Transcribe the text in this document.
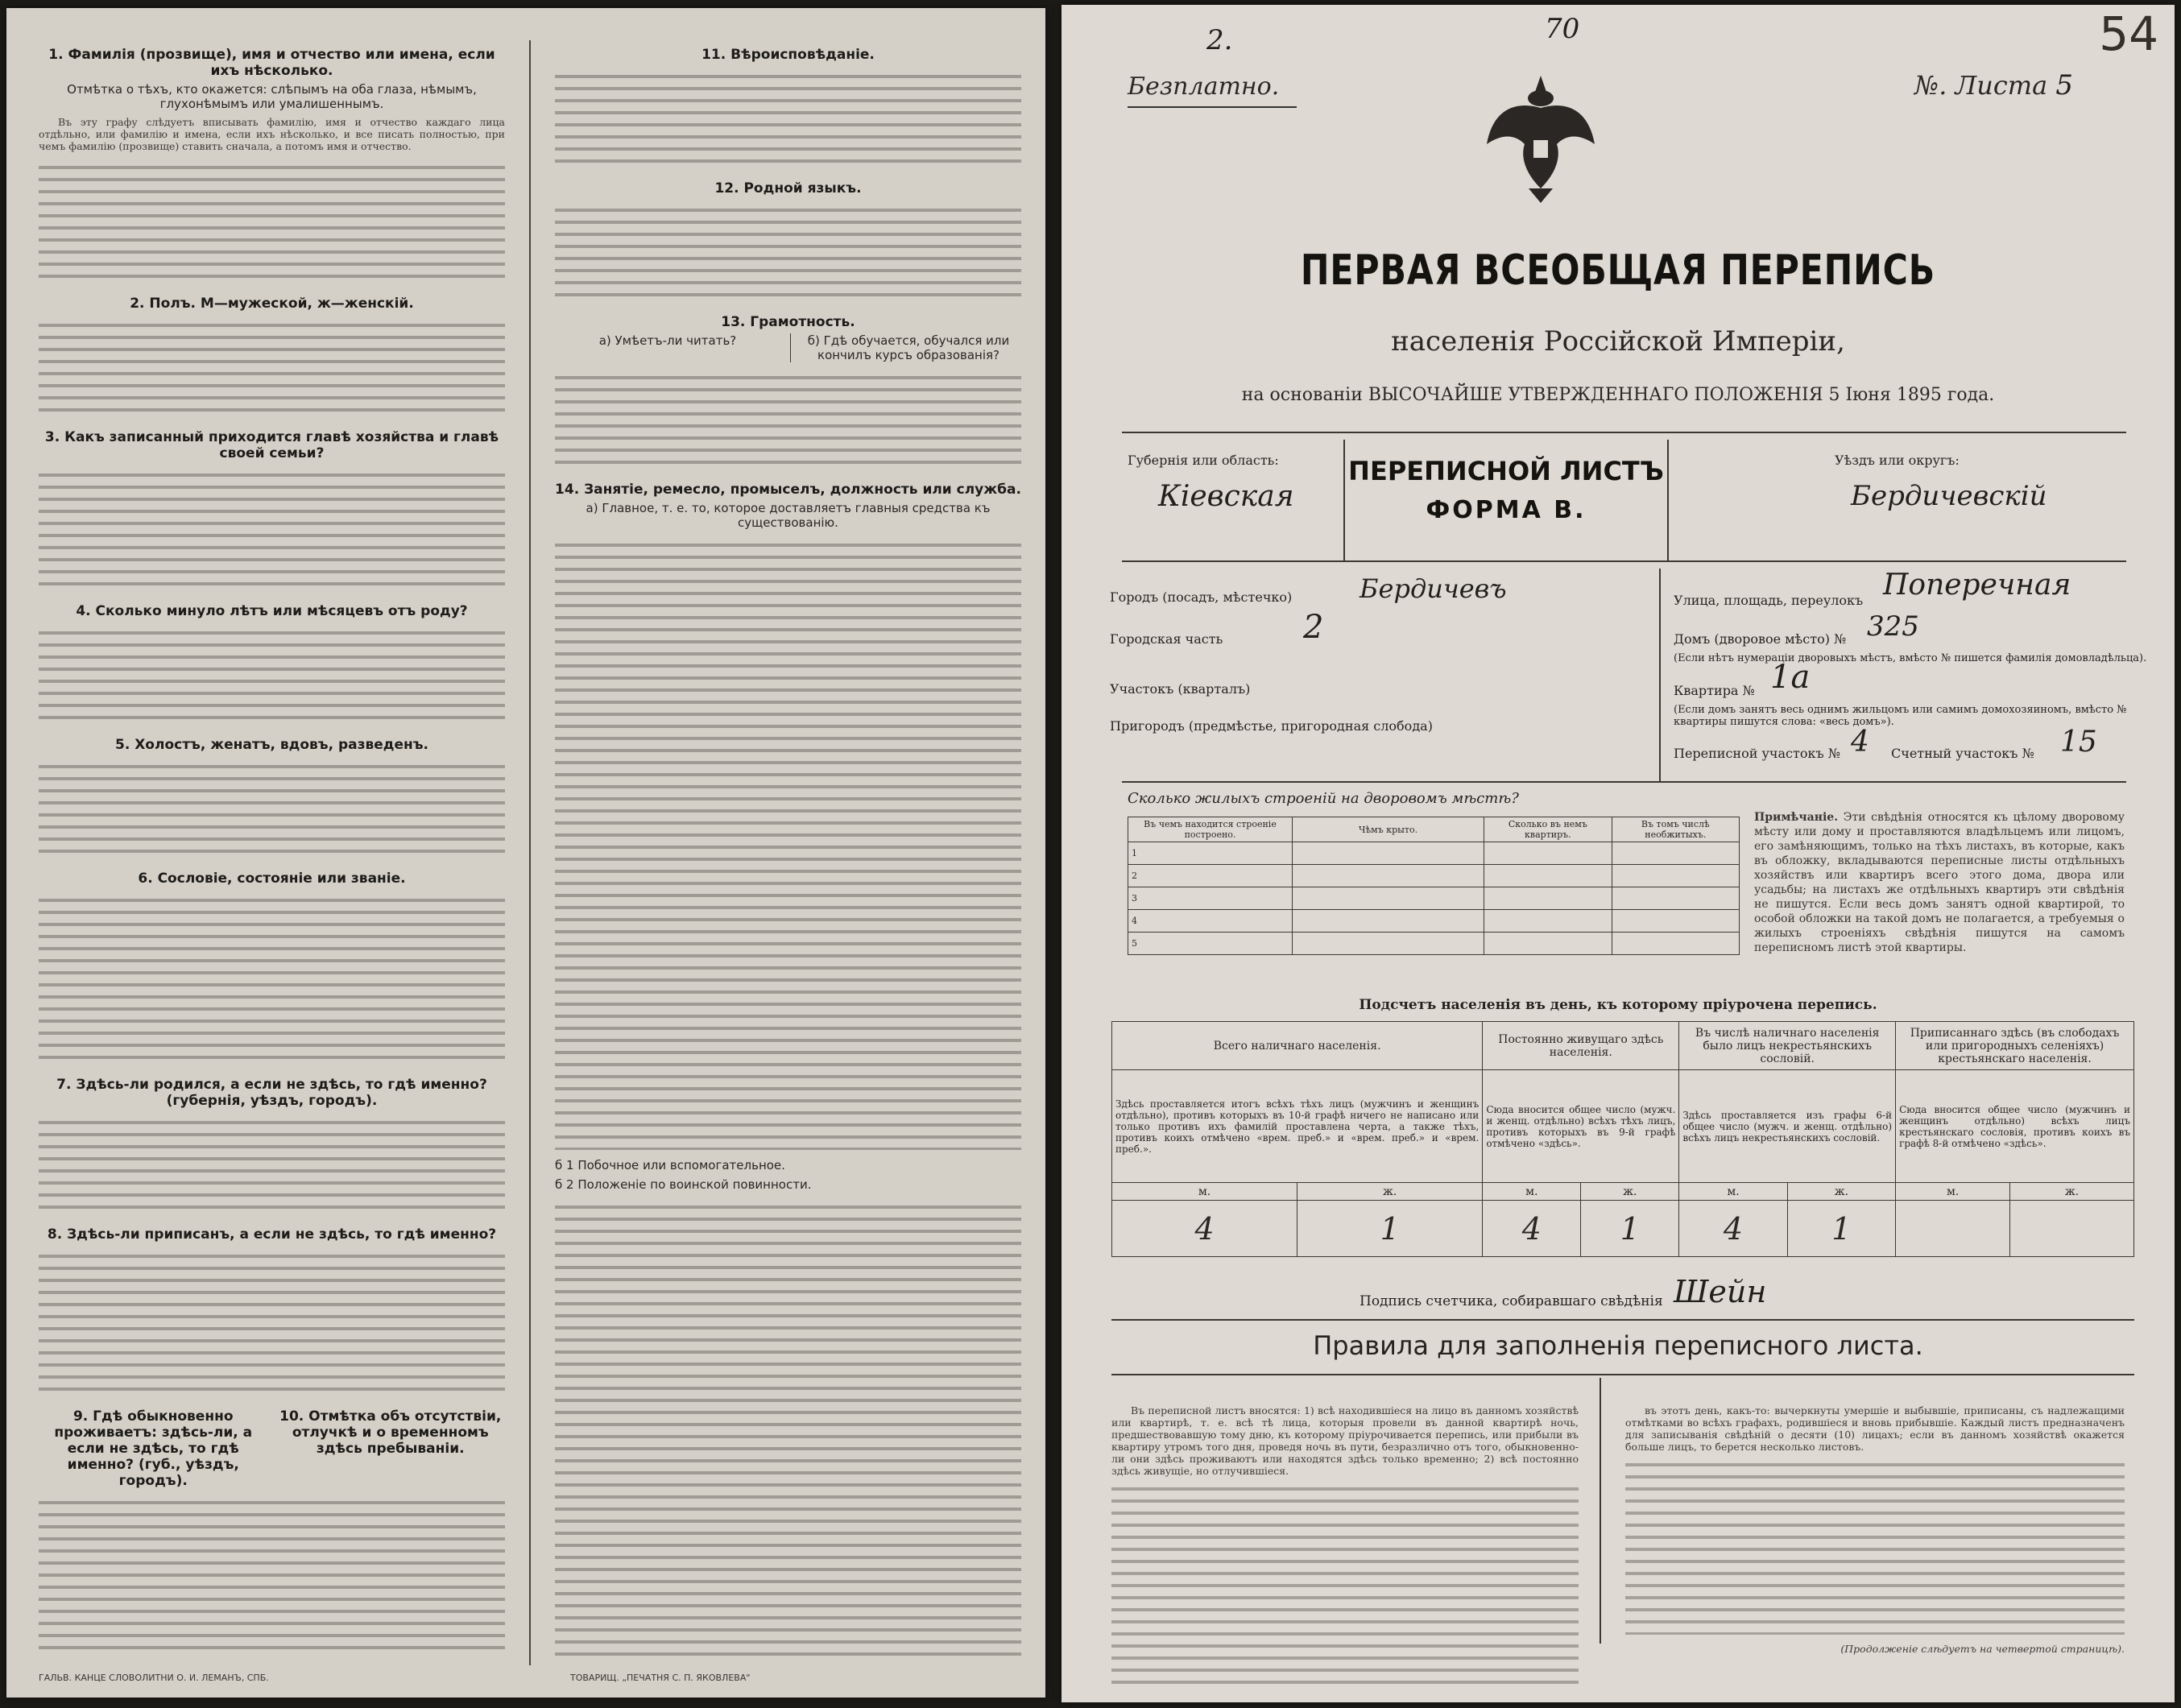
1. Фамилія (прозвище), имя и отчество или имена, если ихъ нѣсколько.
Отмѣтка о тѣхъ, кто окажется: слѣпымъ на оба глаза, нѣмымъ, глухонѣмымъ или умалишеннымъ.
Въ эту графу слѣдуетъ вписывать фамилію, имя и отчество каждаго лица отдѣльно, или фамилію и имена, если ихъ нѣсколько, и все писать полностью, при чемъ фамилію (прозвище) ставить сначала, а потомъ имя и отчество.
2. Полъ. М—мужеской, ж—женскій.
3. Какъ записанный приходится главѣ хозяйства и главѣ своей семьи?
4. Сколько минуло лѣтъ или мѣсяцевъ отъ роду?
5. Холостъ, женатъ, вдовъ, разведенъ.
6. Сословіе, состояніе или званіе.
7. Здѣсь-ли родился, а если не здѣсь, то гдѣ именно? (губернія, уѣздъ, городъ).
8. Здѣсь-ли приписанъ, а если не здѣсь, то гдѣ именно?
9. Гдѣ обыкновенно проживаетъ: здѣсь-ли, а если не здѣсь, то гдѣ именно? (губ., уѣздъ, городъ).
10. Отмѣтка объ отсутствіи, отлучкѣ и о временномъ здѣсь пребываніи.
11. Вѣроисповѣданіе.
12. Родной языкъ.
13. Грамотность.
а) Умѣетъ-ли читать?	б) Гдѣ обучается, обучался или кончилъ курсъ образованія?
14. Занятіе, ремесло, промыселъ, должность или служба.
а) Главное, т. е. то, которое доставляетъ главныя средства къ существованію.
б 1 Побочное или вспомогательное.
б 2 Положеніе по воинской повинности.
ГАЛЬВ. КАНЦЕ СЛОВОЛИТНИ О. И. ЛЕМАНЪ, СПБ.	ТОВАРИЩ. „ПЕЧАТНЯ С. П. ЯКОВЛЕВА"
Безплатно.	№. Листа 5
54
2.	70
ПЕРВАЯ ВСЕОБЩАЯ ПЕРЕПИСЬ
населенія Россійской Имперіи,
на основаніи ВЫСОЧАЙШЕ УТВЕРЖДЕННАГО ПОЛОЖЕНІЯ 5 Іюня 1895 года.
Губернія или область:
Кіевская
ПЕРЕПИСНОЙ ЛИСТЪ
ФОРМА В.
Уѣздъ или округъ:
Бердичевскій
Городъ (посадъ, мѣстечко)	Бердичевъ
Городская часть 2
Участокъ (кварталъ)
Пригородъ (предмѣстье, пригородная слобода)
Улица, площадь, переулокъ Поперечная
Домъ (дворовое мѣсто) № 325
(Если нѣтъ нумераціи дворовыхъ мѣстъ, вмѣсто № пишется фамилія домовладѣльца).
Квартира № 1а
(Если домъ занятъ весь однимъ жильцомъ или самимъ домохозяиномъ, вмѣсто № квартиры пишутся слова: «весь домъ»).
Переписной участокъ № 4 Счетный участокъ № 15
Сколько жилыхъ строеній на дворовомъ мѣстѣ?
Въ чемъ находится строеніе построено.	Чѣмъ крыто.	Сколько въ немъ квартиръ.	Въ томъ числѣ необжитыхъ.
1			
2			
3			
4			
5			
Примѣчаніе. Эти свѣдѣнія относятся къ цѣлому дворовому мѣсту или дому и проставляются владѣльцемъ или лицомъ, его замѣняющимъ, только на тѣхъ листахъ, въ которые, какъ въ обложку, вкладываются переписные листы отдѣльныхъ хозяйствъ или квартиръ всего этого дома, двора или усадьбы; на листахъ же отдѣльныхъ квартиръ эти свѣдѣнія не пишутся. Если весь домъ занятъ одной квартирой, то особой обложки на такой домъ не полагается, а требуемыя о жилыхъ строеніяхъ свѣдѣнія пишутся на самомъ переписномъ листѣ этой квартиры.
Подсчетъ населенія въ день, къ которому пріурочена перепись.
Всего наличнаго населенія.		Постоянно живущаго здѣсь населенія.		Въ числѣ наличнаго населенія было лицъ некрестьянскихъ сословій.		Приписаннаго здѣсь (въ слободахъ или пригородныхъ селеніяхъ) крестьянскаго населенія.	
Здѣсь проставляется итогъ всѣхъ тѣхъ лицъ (мужчинъ и женщинъ отдѣльно), противъ которыхъ въ 10-й графѣ ничего не написано или только противъ ихъ фамилій проставлена черта, а также тѣхъ, противъ коихъ отмѣчено «врем. преб.» и «врем. преб.» и «врем. преб.».		Сюда вносится общее число (мужч. и женщ. отдѣльно) всѣхъ тѣхъ лицъ, противъ которыхъ въ 9-й графѣ отмѣчено «здѣсь».		Здѣсь проставляется изъ графы 6-й общее число (мужч. и женщ. отдѣльно) всѣхъ лицъ некрестьянскихъ сословій.		Сюда вносится общее число (мужчинъ и женщинъ отдѣльно) всѣхъ лицъ крестьянскаго сословія, противъ коихъ въ графѣ 8-й отмѣчено «здѣсь».	
м.	ж.	м.	ж.	м.	ж.	м.	ж.
4	1	4	1	4	1		
Подпись счетчика, собиравшаго свѣдѣнія Шейн
Правила для заполненія переписного листа.
Въ переписной листъ вносятся: 1) всѣ находившіеся на лицо въ данномъ хозяйствѣ или квартирѣ, т. е. всѣ тѣ лица, которыя провели въ данной квартирѣ ночь, предшествовавшую тому дню, къ которому пріурочивается перепись, или прибыли въ квартиру утромъ того дня, проведя ночь въ пути, безразлично отъ того, обыкновенно-ли они здѣсь проживаютъ или находятся здѣсь только временно; 2) всѣ постоянно здѣсь живущіе, но отлучившіеся.
въ этотъ день, какъ-то: вычеркнуты умершіе и выбывшіе, приписаны, съ надлежащими отмѣтками во всѣхъ графахъ, родившіеся и вновь прибывшіе. Каждый листъ предназначенъ для записыванія свѣдѣній о десяти (10) лицахъ; если въ данномъ хозяйствѣ окажется больше лицъ, то берется несколько листовъ.
(Продолженіе слѣдуетъ на четвертой страницѣ).
